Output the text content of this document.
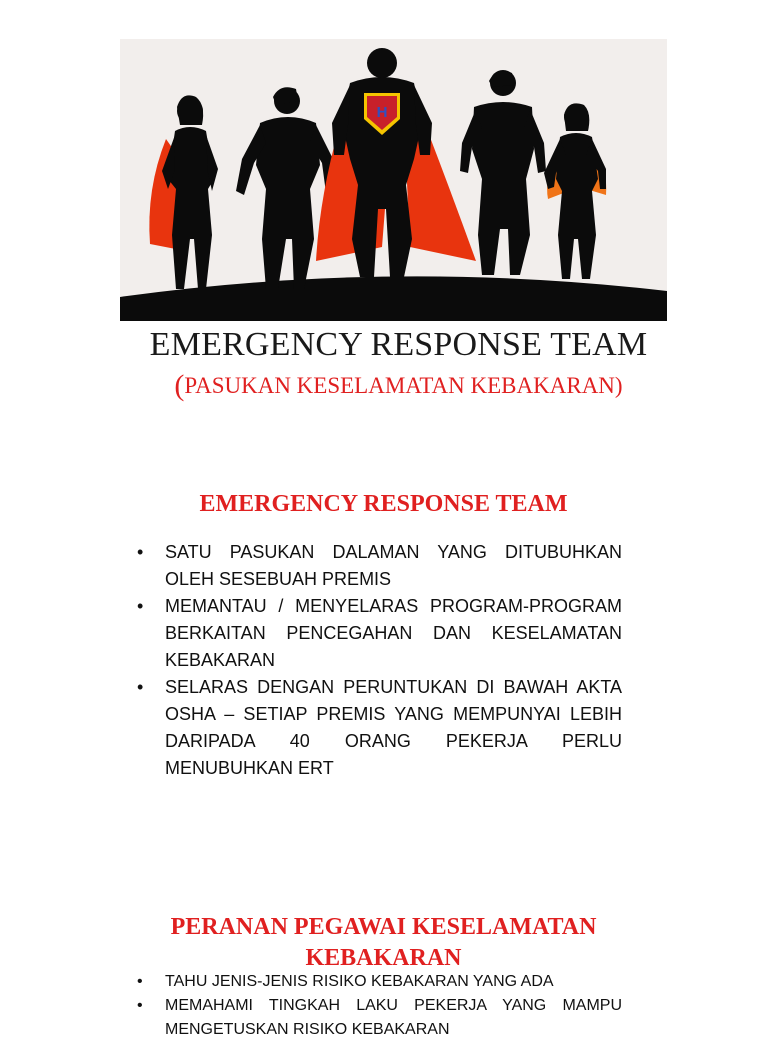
H
EMERGENCY RESPONSE TEAM
(PASUKAN KESELAMATAN KEBAKARAN)
EMERGENCY RESPONSE TEAM
• SATU PASUKAN DALAMAN YANG DITUBUHKAN OLEH SESEBUAH PREMIS
• MEMANTAU / MENYELARAS PROGRAM-PROGRAM BERKAITAN PENCEGAHAN DAN KESELAMATAN KEBAKARAN
• SELARAS DENGAN PERUNTUKAN DI BAWAH AKTA OSHA – SETIAP PREMIS YANG MEMPUNYAI LEBIH DARIPADA 40 ORANG PEKERJA PERLU MENUBUHKAN ERT
PERANAN PEGAWAI KESELAMATAN KEBAKARAN
• TAHU JENIS-JENIS RISIKO KEBAKARAN YANG ADA
• MEMAHAMI TINGKAH LAKU PEKERJA YANG MAMPU MENGETUSKAN RISIKO KEBAKARAN
